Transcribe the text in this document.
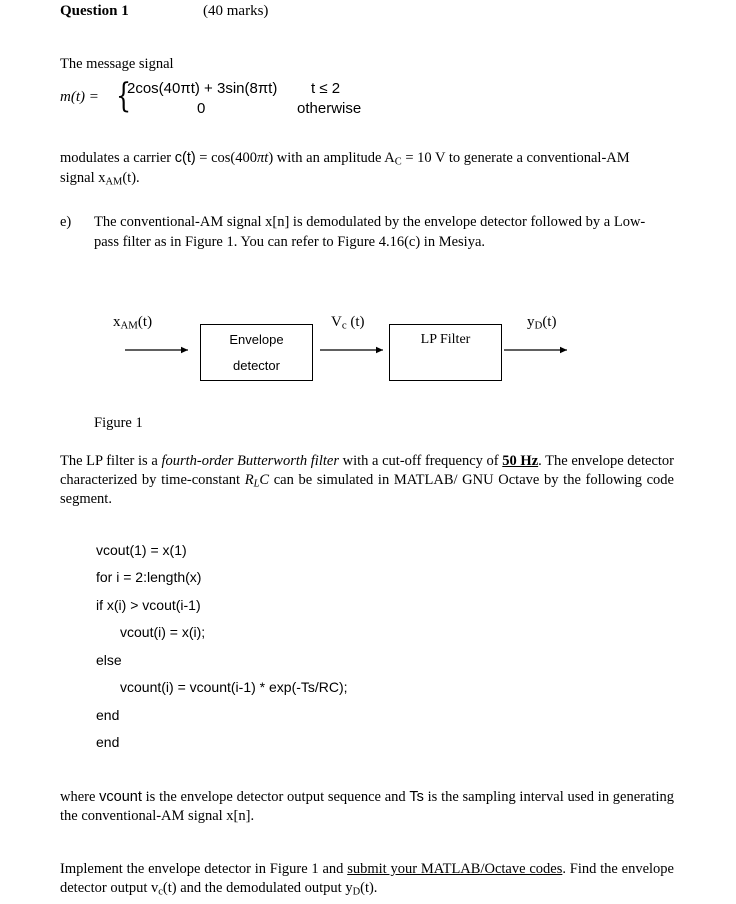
Question 1	(40 marks)
The message signal
m(t) = {
2cos(40πt) + 3sin(8πt) t ≤ 2
0	otherwise
modulates a carrier c(t) = cos(400πt) with an amplitude $A_C = 10$ V to generate a conventional-AM
signal $x_{AM}(t)$.
e) The conventional-AM signal x[n] is demodulated by the envelope detector followed by a Low-
pass filter as in Figure 1. You can refer to Figure 4.16(c) in Mesiya.
$x_{AM}(t)$
Envelope
detector
$V_c$ (t)
LP Filter
$y_D(t)$
Figure 1
The LP filter is a fourth-order Butterworth filter with a cut-off frequency of 50 Hz. The envelope detector characterized by time-constant $R_LC$ can be simulated in MATLAB/ GNU Octave by the following code segment.
vcout(1) = x(1)
for i = 2:length(x)
if x(i) > vcout(i-1)
vcout(i) = x(i);
else
vcount(i) = vcount(i-1) * exp(-Ts/RC);
end
end
where vcount is the envelope detector output sequence and Ts is the sampling interval used in generating the conventional-AM signal x[n].
Implement the envelope detector in Figure 1 and submit your MATLAB/Octave codes. Find the envelope detector output $v_c(t)$ and the demodulated output $y_D(t)$.
